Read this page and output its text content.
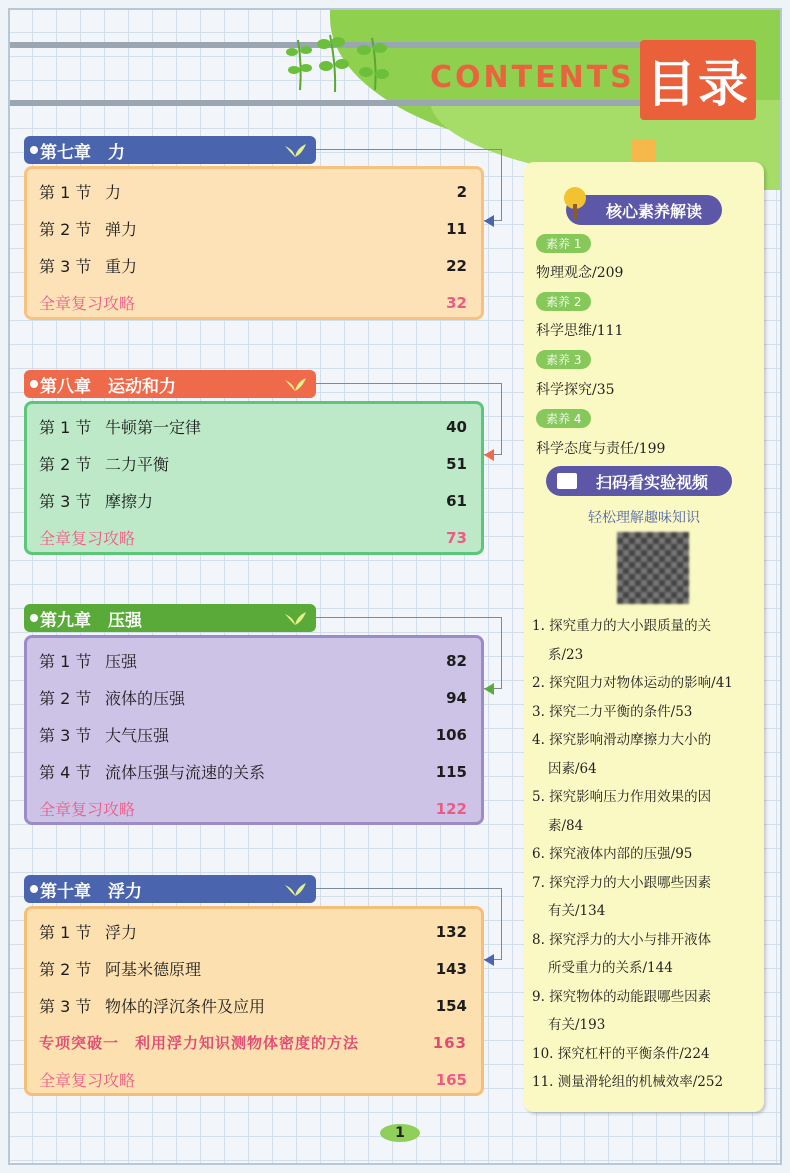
CONTENTS 目录
第七章　力
第 1 节 力	2
第 2 节 弹力	11
第 3 节 重力	22
全章复习攻略	32
第八章　运动和力
第 1 节 牛顿第一定律	40
第 2 节 二力平衡	51
第 3 节 摩擦力	61
全章复习攻略	73
第九章　压强
第 1 节 压强	82
第 2 节 液体的压强	94
第 3 节 大气压强	106
第 4 节 流体压强与流速的关系	115
全章复习攻略	122
第十章　浮力
第 1 节 浮力	132
第 2 节 阿基米德原理	143
第 3 节 物体的浮沉条件及应用	154
专项突破一　利用浮力知识测物体密度的方法	163
全章复习攻略	165
核心素养解读
素养 1
物理观念/209
素养 2
科学思维/111
素养 3
科学探究/35
素养 4
科学态度与责任/199
扫码看实验视频
轻松理解趣味知识
1. 探究重力的大小跟质量的关
系/23
2. 探究阻力对物体运动的影响/41
3. 探究二力平衡的条件/53
4. 探究影响滑动摩擦力大小的
因素/64
5. 探究影响压力作用效果的因
素/84
6. 探究液体内部的压强/95
7. 探究浮力的大小跟哪些因素
有关/134
8. 探究浮力的大小与排开液体
所受重力的关系/144
9. 探究物体的动能跟哪些因素
有关/193
10. 探究杠杆的平衡条件/224
11. 测量滑轮组的机械效率/252
1
